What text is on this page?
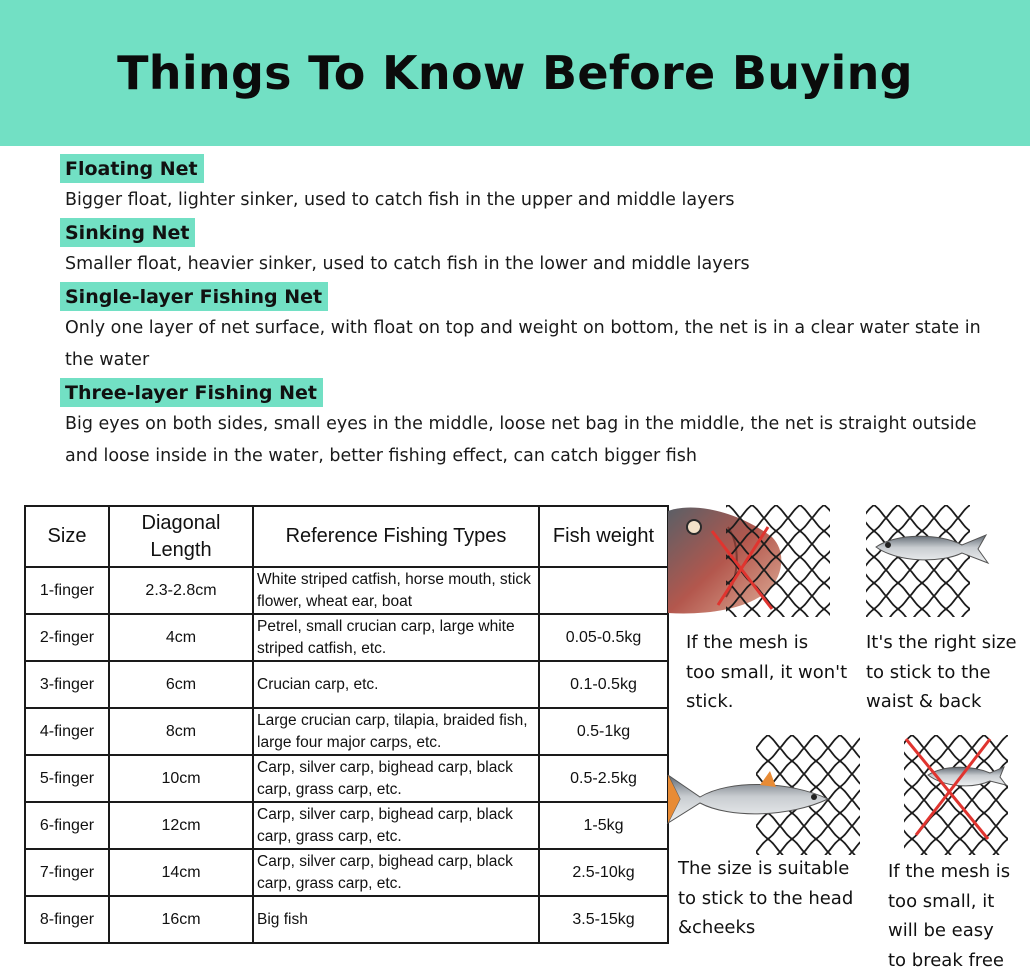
Things To Know Before Buying
Floating Net
Bigger float, lighter sinker, used to catch fish in the upper and middle layers
Sinking Net
Smaller float, heavier sinker, used to catch fish in the lower and middle layers
Single-layer Fishing Net
Only one layer of net surface, with float on top and weight on bottom, the net is in a clear water state in the water
Three-layer Fishing Net
Big eyes on both sides, small eyes in the middle, loose net bag in the middle, the net is straight outside and loose inside in the water, better fishing effect, can catch bigger fish
Size	Diagonal Length	Reference Fishing Types	Fish weight
1-finger	2.3-2.8cm	White striped catfish, horse mouth, stick flower, wheat ear, boat	
2-finger	4cm	Petrel, small crucian carp, large white striped catfish, etc.	0.05-0.5kg
3-finger	6cm	Crucian carp, etc.	0.1-0.5kg
4-finger	8cm	Large crucian carp, tilapia, braided fish, large four major carps, etc.	0.5-1kg
5-finger	10cm	Carp, silver carp, bighead carp, black carp, grass carp, etc.	0.5-2.5kg
6-finger	12cm	Carp, silver carp, bighead carp, black carp, grass carp, etc.	1-5kg
7-finger	14cm	Carp, silver carp, bighead carp, black carp, grass carp, etc.	2.5-10kg
8-finger	16cm	Big fish	3.5-15kg
If the mesh is
too small, it won't
stick.
It's the right size
to stick to the
waist & back
The size is suitable
to stick to the head
&cheeks
If the mesh is
too small, it
will be easy
to break free
